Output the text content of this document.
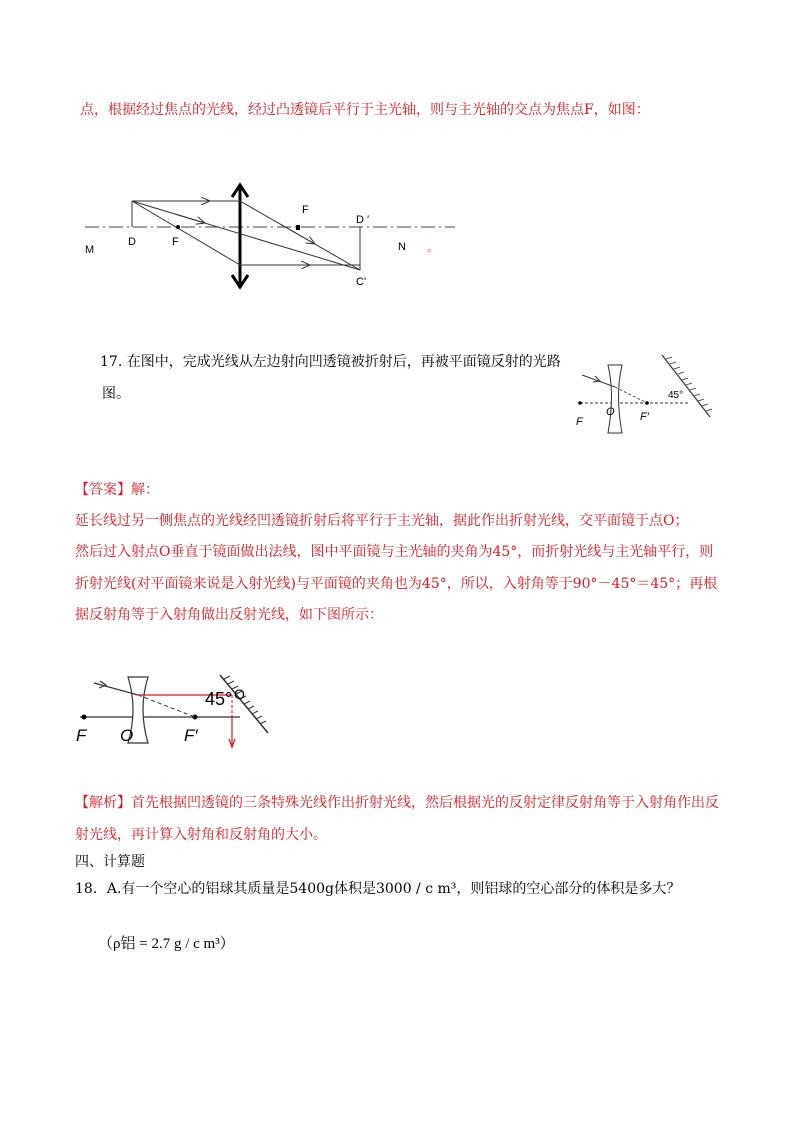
点，根据经过焦点的光线，经过凸透镜后平行于主光轴，则与主光轴的交点为焦点F，如图：
M
D	F
F
D ′
N
C'
。
17. 在图中，完成光线从左边射向凹透镜被折射后，再被平面镜反射的光路
图。
F
O F′
45°
【答案】解：
延长线过另一侧焦点的光线经凹透镜折射后将平行于主光轴，据此作出折射光线，交平面镜于点O；
然后过入射点O垂直于镜面做出法线，图中平面镜与主光轴的夹角为45°，而折射光线与主光轴平行，则
折射光线(对平面镜来说是入射光线)与平面镜的夹角也为45°，所以，入射角等于90°－45°＝45°；再根
据反射角等于入射角做出反射光线，如下图所示：
45° O
F O	F′
【解析】首先根据凹透镜的三条特殊光线作出折射光线，然后根据光的反射定律反射角等于入射角作出反
射光线，再计算入射角和反射角的大小。
四、计算题
18．A.有一个空心的铝球其质量是5400g体积是3000 / c m³，则铝球的空心部分的体积是多大？
（ρ铝 = 2.7 g / c m³）
